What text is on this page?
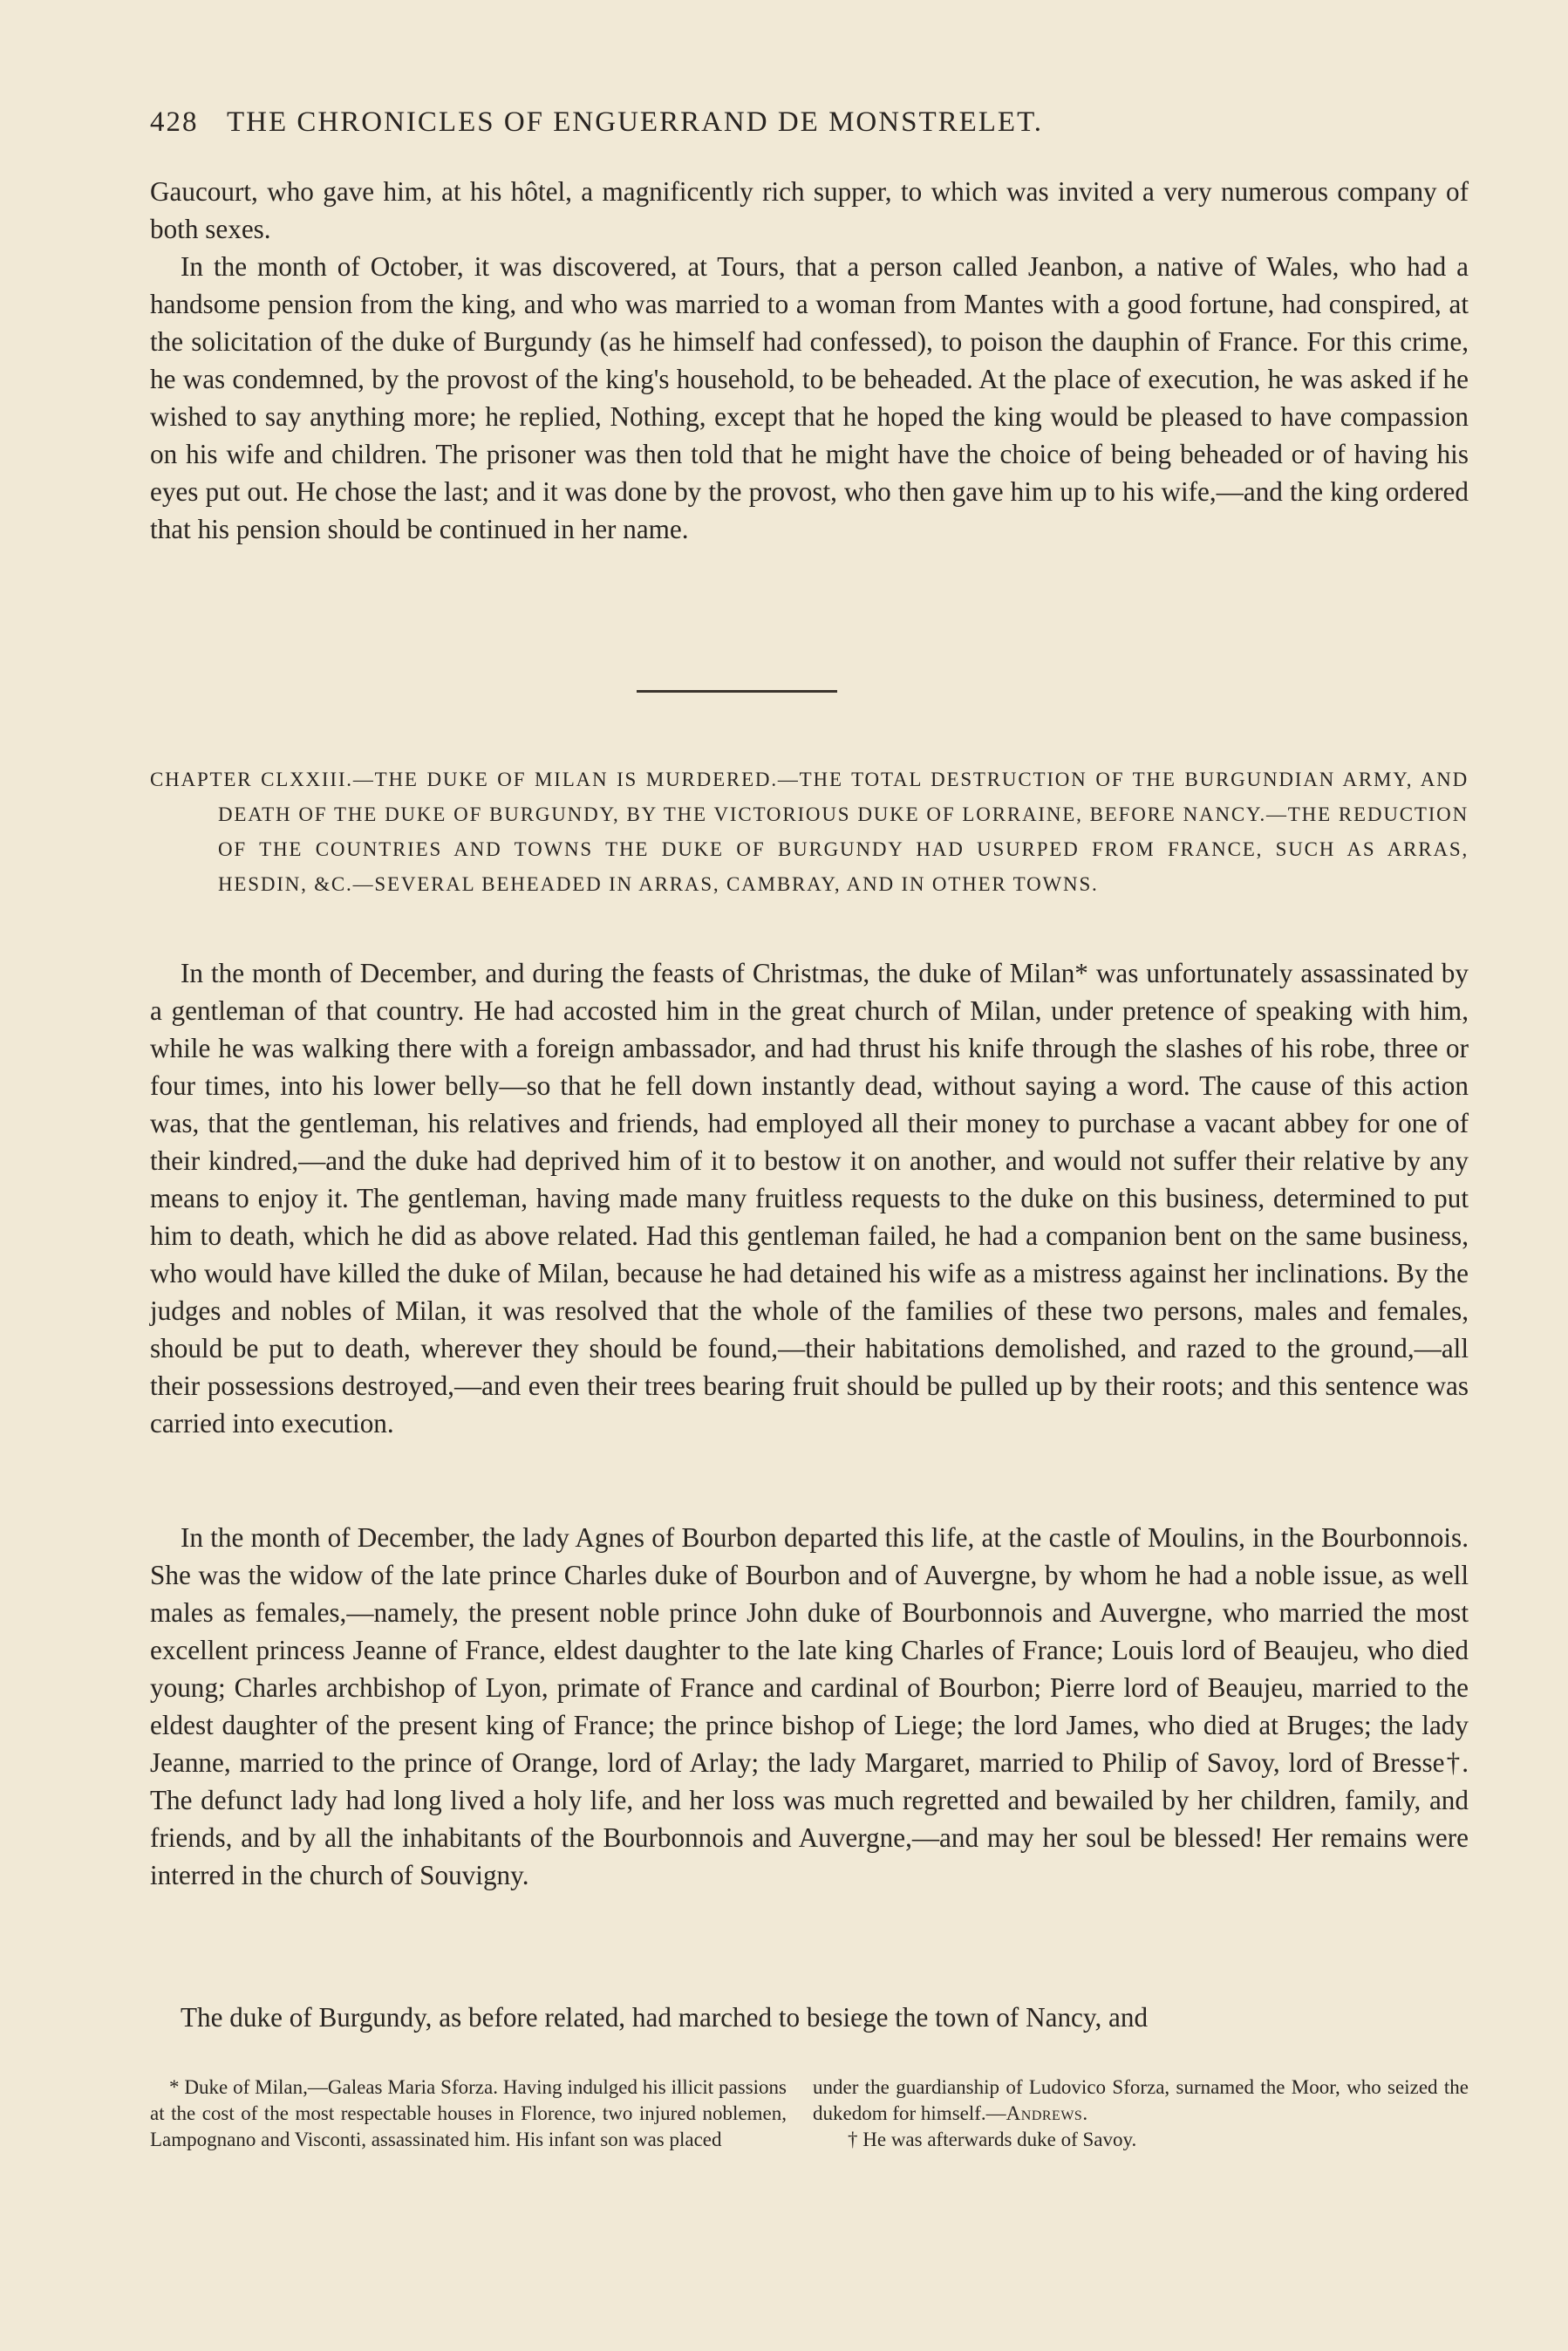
428 THE CHRONICLES OF ENGUERRAND DE MONSTRELET.

Gaucourt, who gave him, at his hôtel, a magnificently rich supper, to which was invited a very numerous company of both sexes.

In the month of October, it was discovered, at Tours, that a person called Jeanbon, a native of Wales, who had a handsome pension from the king, and who was married to a woman from Mantes with a good fortune, had conspired, at the solicitation of the duke of Burgundy (as he himself had confessed), to poison the dauphin of France. For this crime, he was condemned, by the provost of the king's household, to be beheaded. At the place of execution, he was asked if he wished to say anything more; he replied, Nothing, except that he hoped the king would be pleased to have compassion on his wife and children. The prisoner was then told that he might have the choice of being beheaded or of having his eyes put out. He chose the last; and it was done by the provost, who then gave him up to his wife,—and the king ordered that his pension should be continued in her name.

CHAPTER CLXXIII.—THE DUKE OF MILAN IS MURDERED.—THE TOTAL DESTRUCTION OF THE BURGUNDIAN ARMY, AND DEATH OF THE DUKE OF BURGUNDY, BY THE VICTORIOUS DUKE OF LORRAINE, BEFORE NANCY.—THE REDUCTION OF THE COUNTRIES AND TOWNS THE DUKE OF BURGUNDY HAD USURPED FROM FRANCE, SUCH AS ARRAS, HESDIN, &C.—SEVERAL BEHEADED IN ARRAS, CAMBRAY, AND IN OTHER TOWNS.

In the month of December, and during the feasts of Christmas, the duke of Milan* was unfortunately assassinated by a gentleman of that country. He had accosted him in the great church of Milan, under pretence of speaking with him, while he was walking there with a foreign ambassador, and had thrust his knife through the slashes of his robe, three or four times, into his lower belly—so that he fell down instantly dead, without saying a word. The cause of this action was, that the gentleman, his relatives and friends, had employed all their money to purchase a vacant abbey for one of their kindred,—and the duke had deprived him of it to bestow it on another, and would not suffer their relative by any means to enjoy it. The gentleman, having made many fruitless requests to the duke on this business, determined to put him to death, which he did as above related. Had this gentleman failed, he had a companion bent on the same business, who would have killed the duke of Milan, because he had detained his wife as a mistress against her inclinations. By the judges and nobles of Milan, it was resolved that the whole of the families of these two persons, males and females, should be put to death, wherever they should be found,—their habitations demolished, and razed to the ground,—all their possessions destroyed,—and even their trees bearing fruit should be pulled up by their roots; and this sentence was carried into execution.

In the month of December, the lady Agnes of Bourbon departed this life, at the castle of Moulins, in the Bourbonnois. She was the widow of the late prince Charles duke of Bourbon and of Auvergne, by whom he had a noble issue, as well males as females,—namely, the present noble prince John duke of Bourbonnois and Auvergne, who married the most excellent princess Jeanne of France, eldest daughter to the late king Charles of France; Louis lord of Beaujeu, who died young; Charles archbishop of Lyon, primate of France and cardinal of Bourbon; Pierre lord of Beaujeu, married to the eldest daughter of the present king of France; the prince bishop of Liege; the lord James, who died at Bruges; the lady Jeanne, married to the prince of Orange, lord of Arlay; the lady Margaret, married to Philip of Savoy, lord of Bresse†. The defunct lady had long lived a holy life, and her loss was much regretted and bewailed by her children, family, and friends, and by all the inhabitants of the Bourbonnois and Auvergne,—and may her soul be blessed! Her remains were interred in the church of Souvigny.

The duke of Burgundy, as before related, had marched to besiege the town of Nancy, and

* Duke of Milan,—Galeas Maria Sforza. Having indulged his illicit passions at the cost of the most respectable houses in Florence, two injured noblemen, Lampognano and Visconti, assassinated him. His infant son was placed

under the guardianship of Ludovico Sforza, surnamed the Moor, who seized the dukedom for himself.—Andrews.

† He was afterwards duke of Savoy.
